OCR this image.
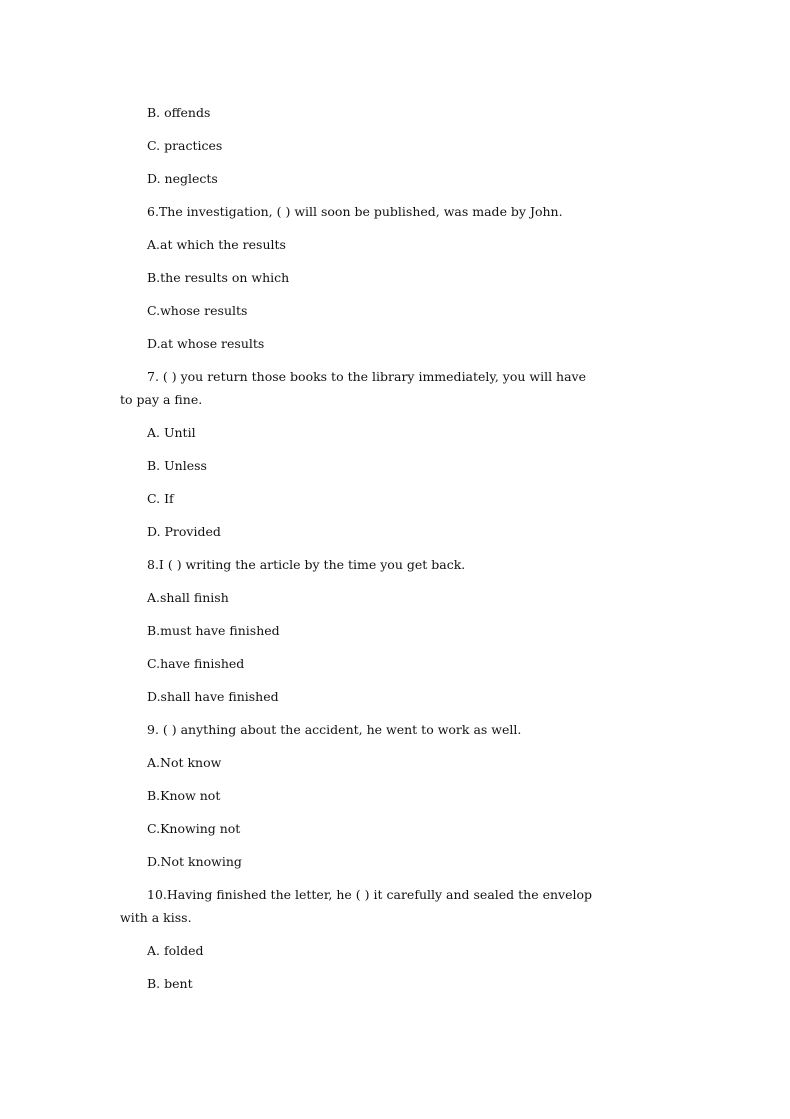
B. offends
C. practices
D. neglects
6.The investigation, ( ) will soon be published, was made by John.
A.at which the results
B.the results on which
C.whose results
D.at whose results
7. ( ) you return those books to the library immediately, you will have
to pay a fine.
A. Until
B. Unless
C. If
D. Provided
8.I ( ) writing the article by the time you get back.
A.shall finish
B.must have finished
C.have finished
D.shall have finished
9. ( ) anything about the accident, he went to work as well.
A.Not know
B.Know not
C.Knowing not
D.Not knowing
10.Having finished the letter, he ( ) it carefully and sealed the envelop
with a kiss.
A. folded
B. bent
